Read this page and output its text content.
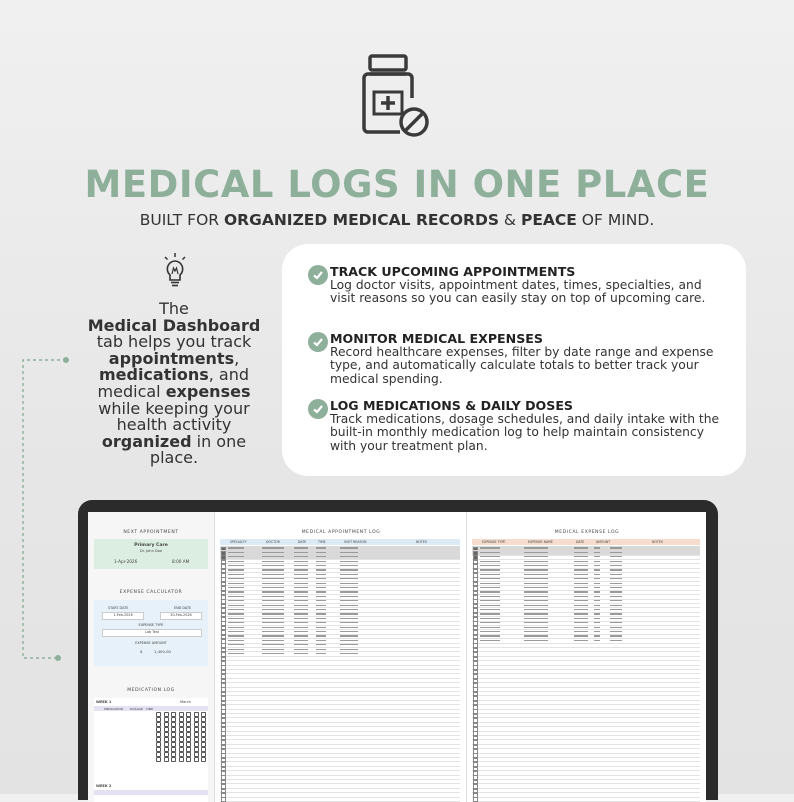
MEDICAL LOGS IN ONE PLACE
BUILT FOR ORGANIZED MEDICAL RECORDS & PEACE OF MIND.
The
Medical Dashboard
tab helps you track
appointments,
medications, and medical expenses
while keeping your health activity
organized in one place.
TRACK UPCOMING APPOINTMENTS
Log doctor visits, appointment dates, times, specialties, and visit reasons so you can easily stay on top of upcoming care.
MONITOR MEDICAL EXPENSES
Record healthcare expenses, filter by date range and expense type, and automatically calculate totals to better track your medical spending.
LOG MEDICATIONS & DAILY DOSES
Track medications, dosage schedules, and daily intake with the built-in monthly medication log to help maintain consistency with your treatment plan.
NEXT APPOINTMENT
Primary Care
Dr. John Doe
1-Apr-2026	8:00 AM
EXPENSE CALCULATOR
START DATE	END DATE
1-Feb-2026	30-Feb-2026
EXPENSE TYPE
Lab Test
EXPENSE AMOUNT
$	1,400.00
MEDICATION LOG
WEEK 1	March
MEDICATION DOSAGE TIME
WEEK 2
MEDICAL APPOINTMENT LOG
SPECIALTY	DOCTOR	DATE	TIME	VISIT REASON	NOTES
MEDICAL EXPENSE LOG
EXPENSE TYPE	EXPENSE NAME	DATE	AMOUNT	NOTES
